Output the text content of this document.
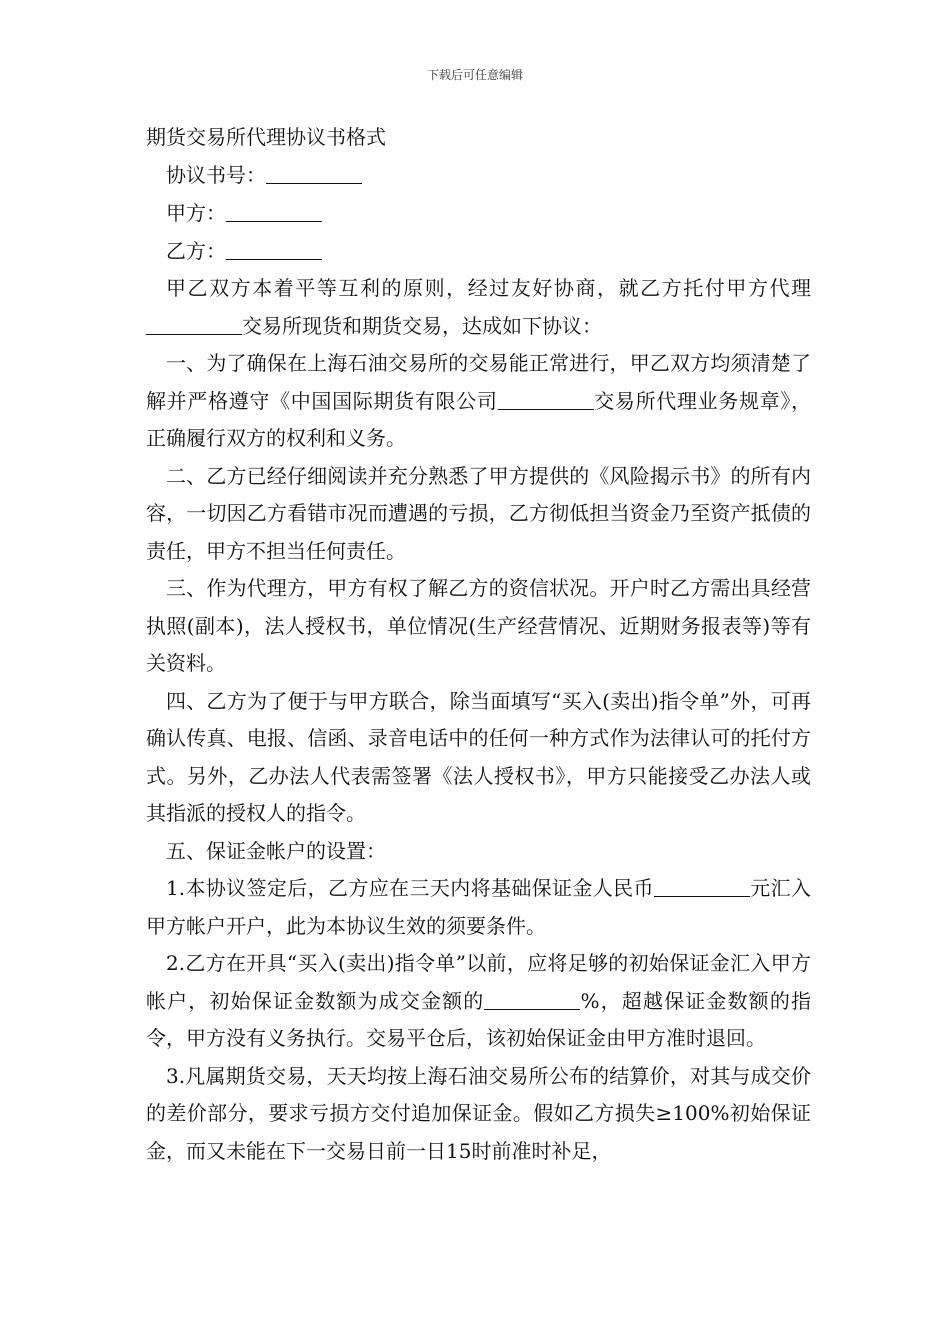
下载后可任意编辑

期货交易所代理协议书格式

协议书号：

甲方：

乙方：

甲乙双方本着平等互利的原则，经过友好协商，就乙方托付甲方代理交易所现货和期货交易，达成如下协议：

一、为了确保在上海石油交易所的交易能正常进行，甲乙双方均须清楚了解并严格遵守《中国国际期货有限公司	交易所代理业务规章》，正确履行双方的权利和义务。

二、乙方已经仔细阅读并充分熟悉了甲方提供的《风险揭示书》的所有内容，一切因乙方看错市况而遭遇的亏损，乙方彻低担当资金乃至资产抵债的责任，甲方不担当任何责任。

三、作为代理方，甲方有权了解乙方的资信状况。开户时乙方需出具经营执照(副本)，法人授权书，单位情况(生产经营情况、近期财务报表等)等有关资料。

四、乙方为了便于与甲方联合，除当面填写“买入(卖出)指令单”外，可再确认传真、电报、信函、录音电话中的任何一种方式作为法律认可的托付方式。另外，乙办法人代表需签署《法人授权书》，甲方只能接受乙办法人或其指派的授权人的指令。

五、保证金帐户的设置：

1.本协议签定后，乙方应在三天内将基础保证金人民币	元汇入甲方帐户开户，此为本协议生效的须要条件。

2.乙方在开具“买入(卖出)指令单”以前，应将足够的初始保证金汇入甲方帐户，初始保证金数额为成交金额的	%，超越保证金数额的指令，甲方没有义务执行。交易平仓后，该初始保证金由甲方准时退回。

3.凡属期货交易，天天均按上海石油交易所公布的结算价，对其与成交价的差价部分，要求亏损方交付追加保证金。假如乙方损失≥100%初始保证金，而又未能在下一交易日前一日15时前准时补足，
